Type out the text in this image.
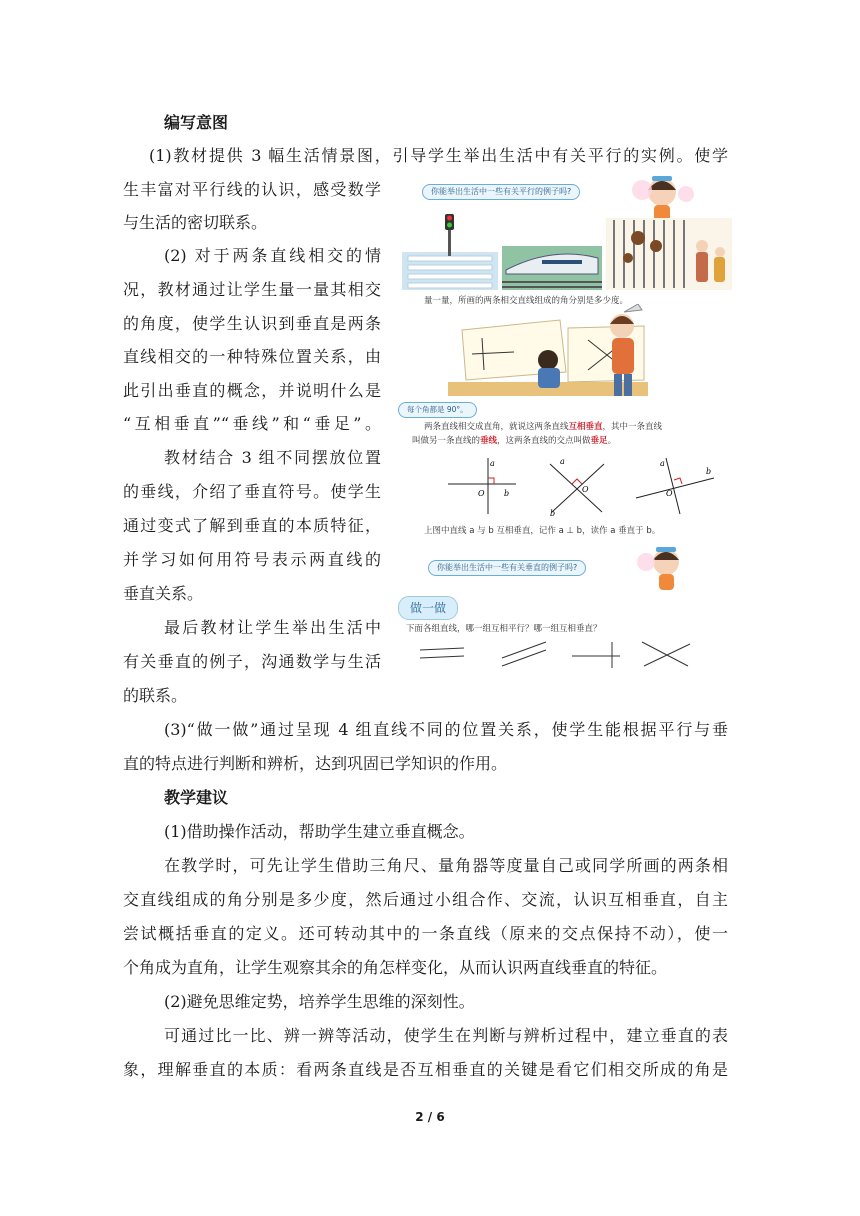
编写意图
(1)教材提供 3 幅生活情景图，引导学生举出生活中有关平行的实例。使学
生丰富对平行线的认识，感受数学
与生活的密切联系。
(2) 对于两条直线相交的情
况，教材通过让学生量一量其相交
的角度，使学生认识到垂直是两条
直线相交的一种特殊位置关系，由
此引出垂直的概念，并说明什么是
“互相垂直”“垂线”和“垂足”。
教材结合 3 组不同摆放位置
的垂线，介绍了垂直符号。使学生
通过变式了解到垂直的本质特征，
并学习如何用符号表示两直线的
垂直关系。
最后教材让学生举出生活中
有关垂直的例子，沟通数学与生活
的联系。
(3)“做一做”通过呈现 4 组直线不同的位置关系，使学生能根据平行与垂
直的特点进行判断和辨析，达到巩固已学知识的作用。
教学建议
(1)借助操作活动，帮助学生建立垂直概念。
在教学时，可先让学生借助三角尺、量角器等度量自己或同学所画的两条相
交直线组成的角分别是多少度，然后通过小组合作、交流，认识互相垂直，自主
尝试概括垂直的定义。还可转动其中的一条直线（原来的交点保持不动），使一
个角成为直角，让学生观察其余的角怎样变化，从而认识两直线垂直的特征。
(2)避免思维定势，培养学生思维的深刻性。
可通过比一比、辨一辨等活动，使学生在判断与辨析过程中，建立垂直的表
象，理解垂直的本质：看两条直线是否互相垂直的关键是看它们相交所成的角是
你能举出生活中一些有关平行的例子吗?
量一量，所画的两条相交直线组成的角分别是多少度。
每个角都是 90°。
两条直线相交成直角，就说这两条直线互相垂直，其中一条直线
叫做另一条直线的垂线，这两条直线的交点叫做垂足。
a
b
O
a
b
O
a
b
O
上图中直线 a 与 b 互相垂直，记作 a ⊥ b，读作 a 垂直于 b。
你能举出生活中一些有关垂直的例子吗?
做一做
下面各组直线，哪一组互相平行？哪一组互相垂直？
2 / 6
